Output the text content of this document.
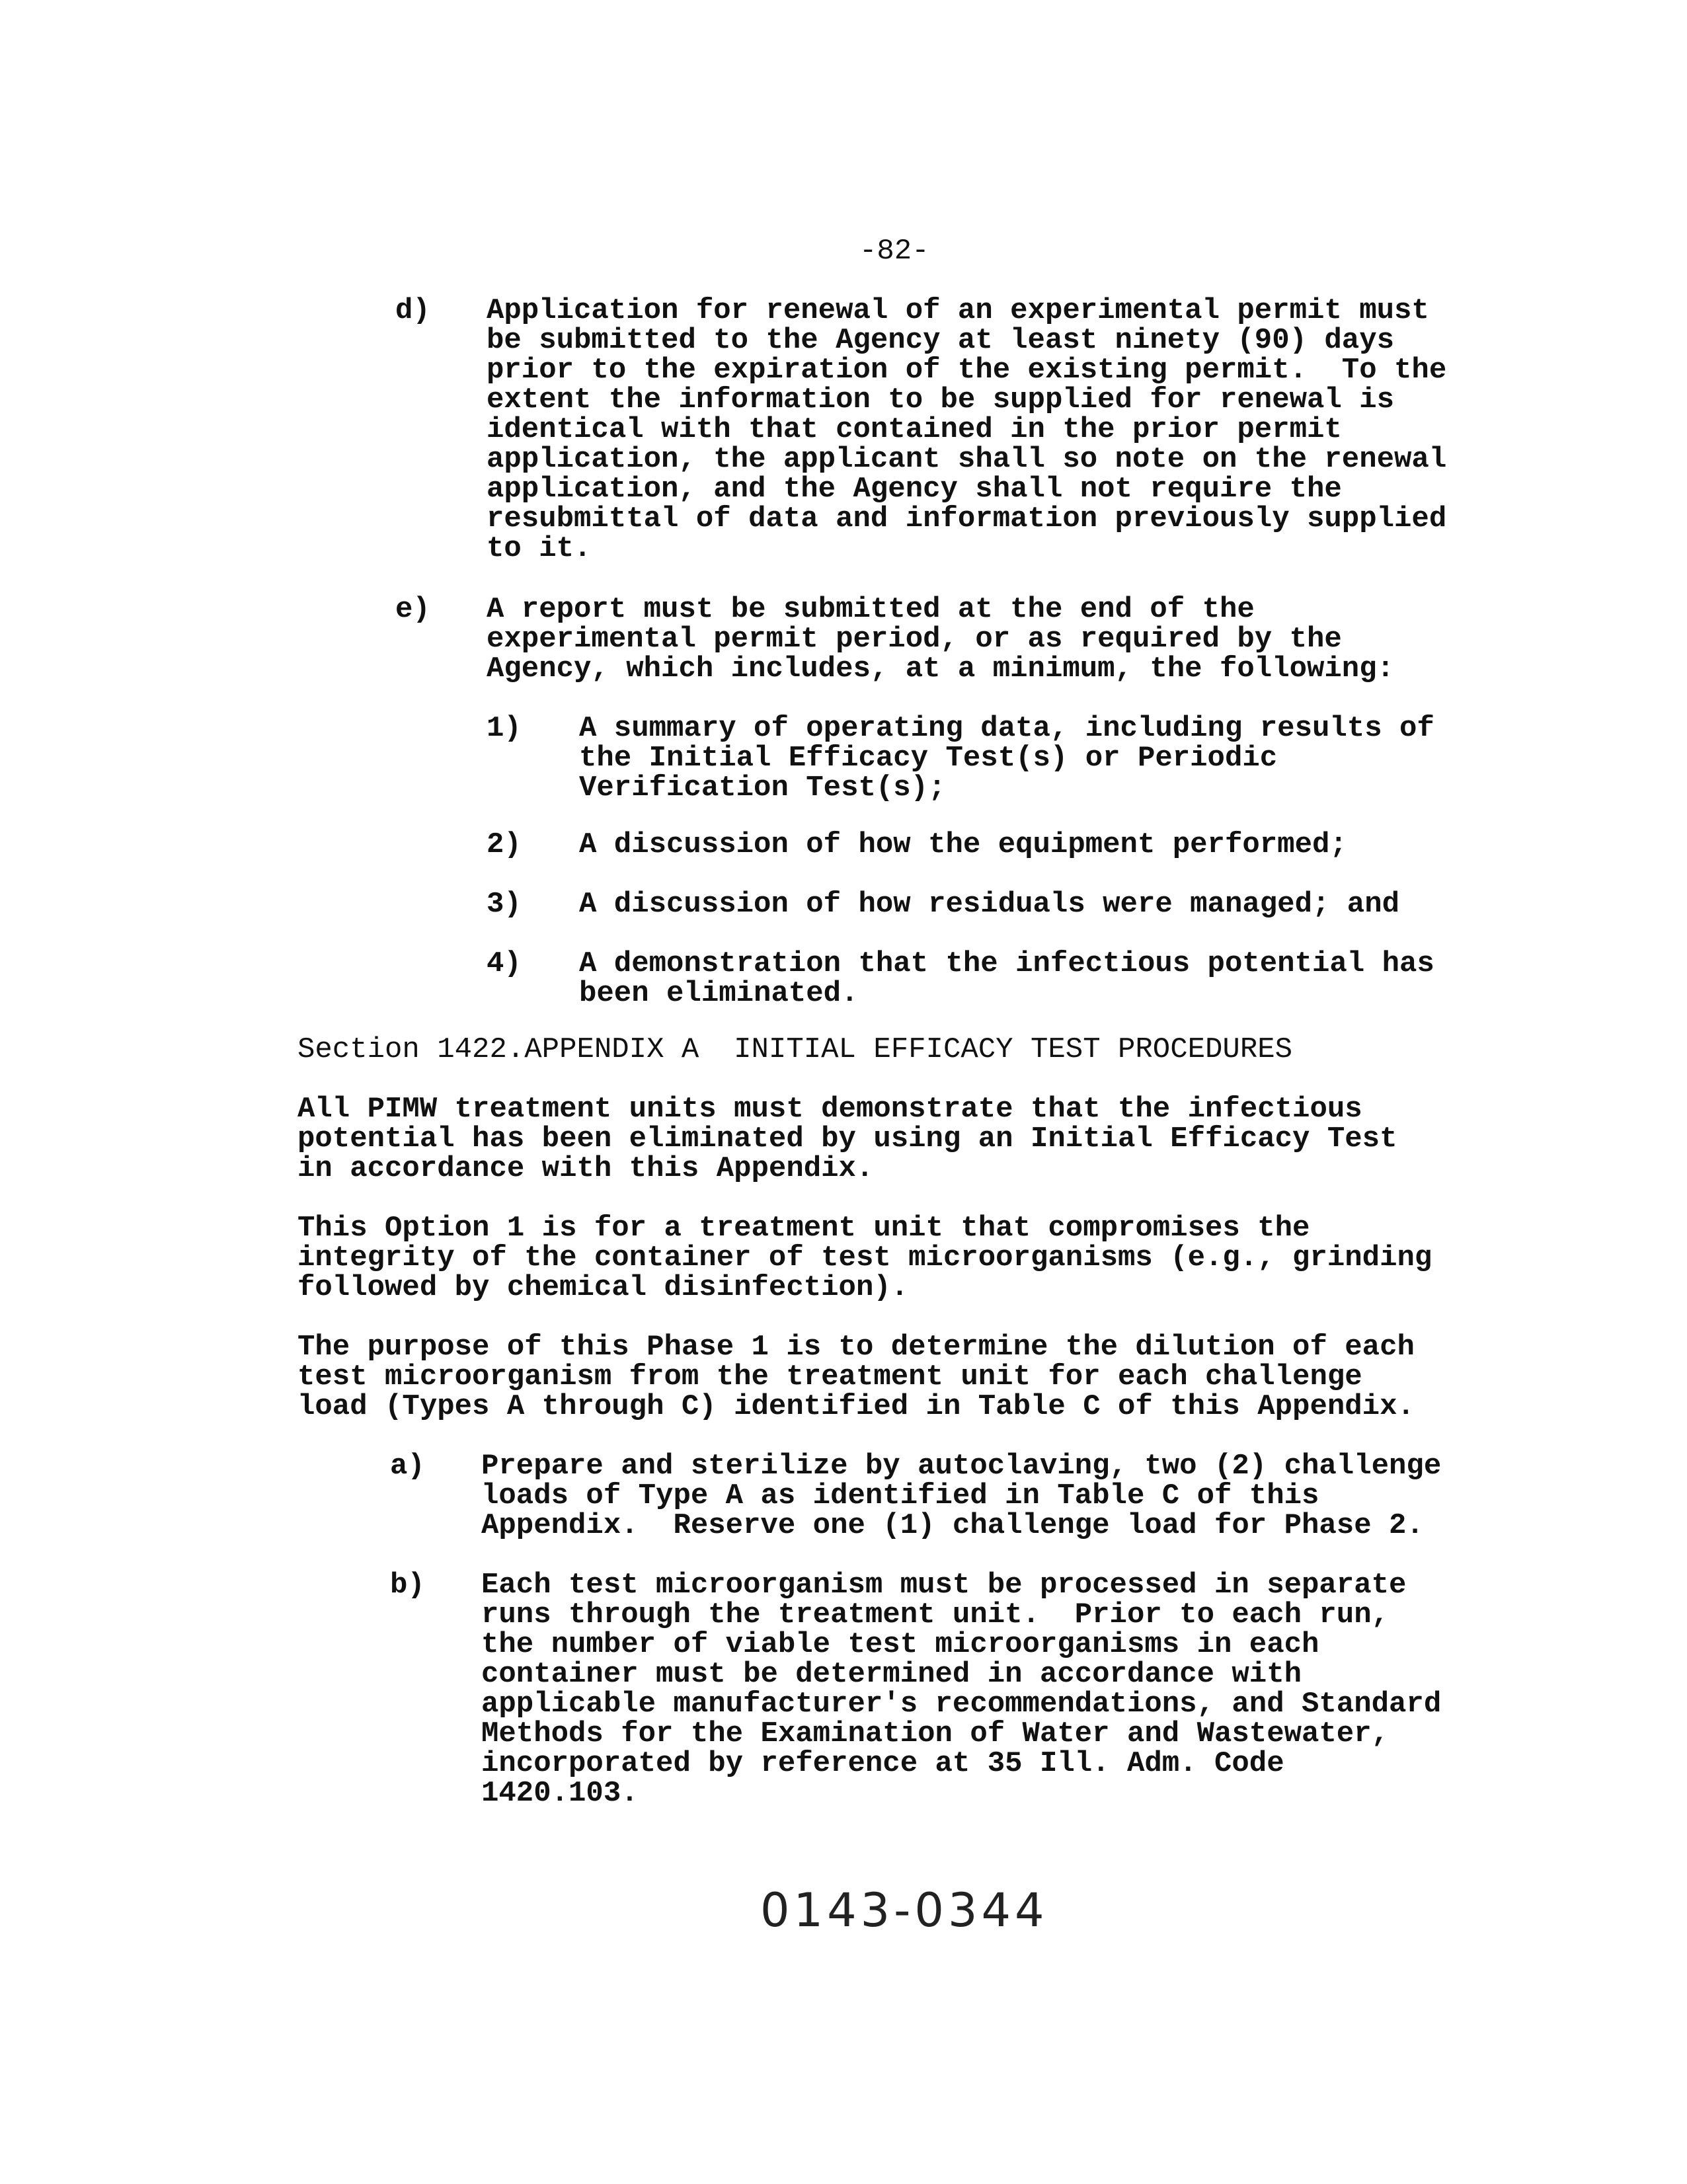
-82-
d) Application for renewal of an experimental permit must
be submitted to the Agency at least ninety (90) days
prior to the expiration of the existing permit.  To the
extent the information to be supplied for renewal is
identical with that contained in the prior permit
application, the applicant shall so note on the renewal
application, and the Agency shall not require the
resubmittal of data and information previously supplied
to it.
e) A report must be submitted at the end of the
experimental permit period, or as required by the
Agency, which includes, at a minimum, the following:
1) A summary of operating data, including results of
the Initial Efficacy Test(s) or Periodic
Verification Test(s);
2) A discussion of how the equipment performed;
3) A discussion of how residuals were managed; and
4) A demonstration that the infectious potential has
been eliminated.
Section 1422.APPENDIX A  INITIAL EFFICACY TEST PROCEDURES
All PIMW treatment units must demonstrate that the infectious
potential has been eliminated by using an Initial Efficacy Test
in accordance with this Appendix.
This Option 1 is for a treatment unit that compromises the
integrity of the container of test microorganisms (e.g., grinding
followed by chemical disinfection).
The purpose of this Phase 1 is to determine the dilution of each
test microorganism from the treatment unit for each challenge
load (Types A through C) identified in Table C of this Appendix.
a) Prepare and sterilize by autoclaving, two (2) challenge
loads of Type A as identified in Table C of this
Appendix.  Reserve one (1) challenge load for Phase 2.
b) Each test microorganism must be processed in separate
runs through the treatment unit.  Prior to each run,
the number of viable test microorganisms in each
container must be determined in accordance with
applicable manufacturer's recommendations, and Standard
Methods for the Examination of Water and Wastewater,
incorporated by reference at 35 Ill. Adm. Code
1420.103.
0143-0344
